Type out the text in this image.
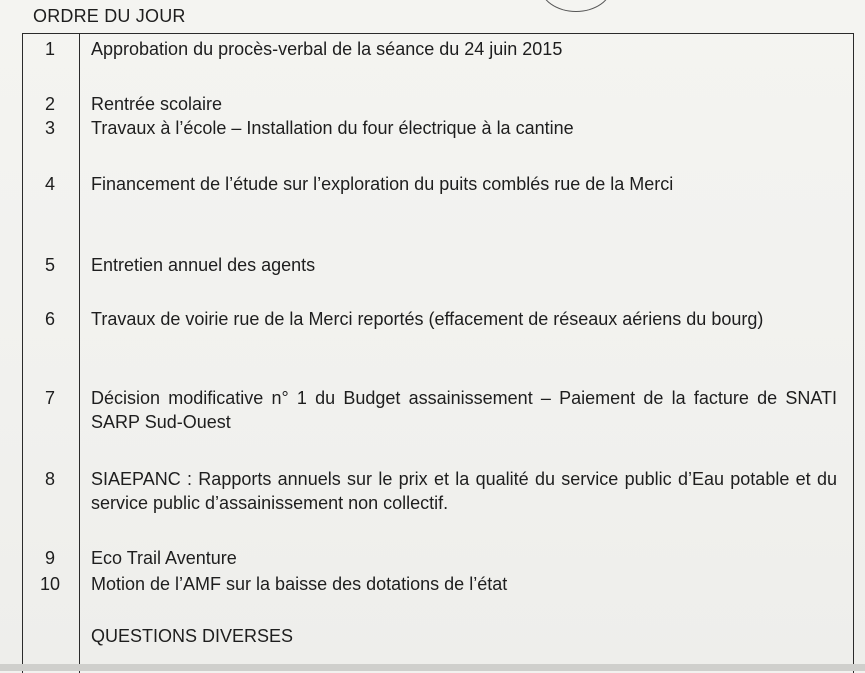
ORDRE DU JOUR
1	Approbation du procès-verbal de la séance du 24 juin 2015
2	Rentrée scolaire
3	Travaux à l’école – Installation du four électrique à la cantine
4	Financement de l’étude sur l’exploration du puits comblés rue de la Merci
5	Entretien annuel des agents
6	Travaux de voirie rue de la Merci reportés (effacement de réseaux aériens du bourg)
7	Décision modificative n° 1 du Budget assainissement – Paiement de la facture de SNATI SARP Sud-Ouest
8	SIAEPANC : Rapports annuels sur le prix et la qualité du service public d’Eau potable et du service public d’assainissement non collectif.
9	Eco Trail Aventure
10	Motion de l’AMF sur la baisse des dotations de l’état
QUESTIONS DIVERSES
